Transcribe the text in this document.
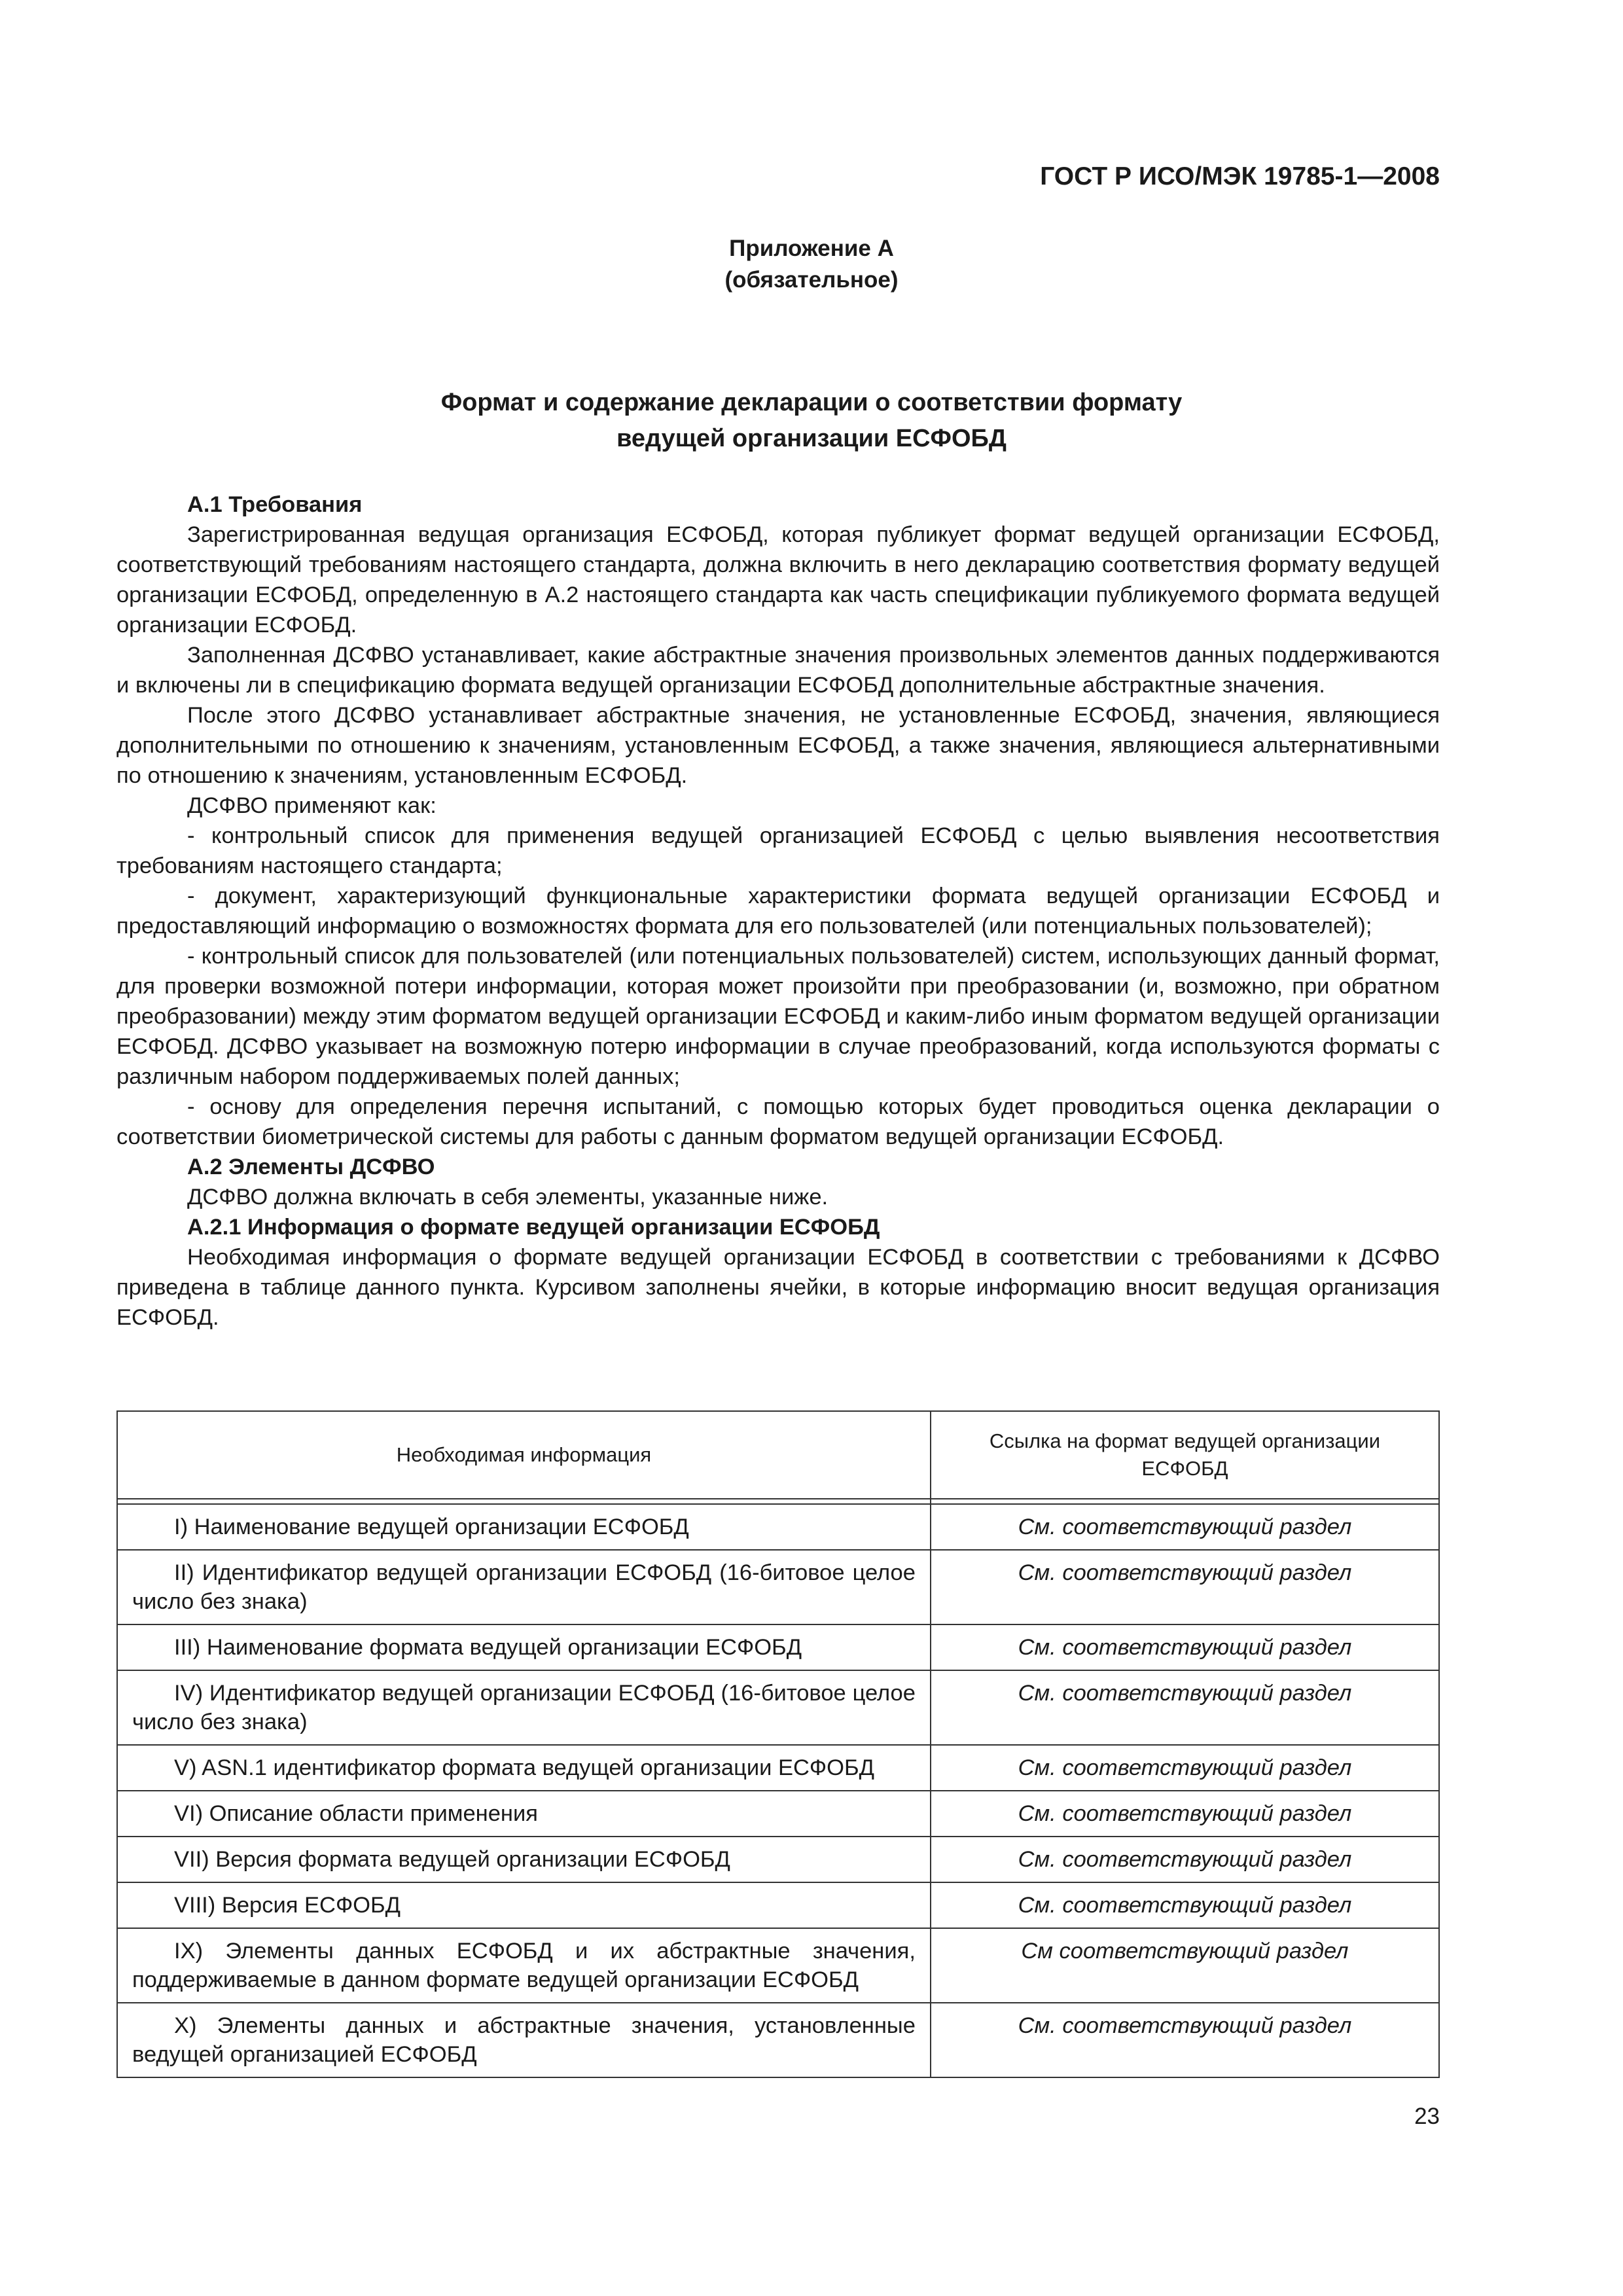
ГОСТ Р ИСО/МЭК 19785-1—2008
Приложение А
(обязательное)
Формат и содержание декларации о соответствии формату
ведущей организации ЕСФОБД

А.1 Требования

Зарегистрированная ведущая организация ЕСФОБД, которая публикует формат ведущей организации ЕСФОБД, соответствующий требованиям настоящего стандарта, должна включить в него декларацию соответствия формату ведущей организации ЕСФОБД, определенную в А.2 настоящего стандарта как часть спецификации публикуемого формата ведущей организации ЕСФОБД.

Заполненная ДСФВО устанавливает, какие абстрактные значения произвольных элементов данных поддерживаются и включены ли в спецификацию формата ведущей организации ЕСФОБД дополнительные абстрактные значения.

После этого ДСФВО устанавливает абстрактные значения, не установленные ЕСФОБД, значения, являющиеся дополнительными по отношению к значениям, установленным ЕСФОБД, а также значения, являющиеся альтернативными по отношению к значениям, установленным ЕСФОБД.

ДСФВО применяют как:

- контрольный список для применения ведущей организацией ЕСФОБД с целью выявления несоответствия требованиям настоящего стандарта;

- документ, характеризующий функциональные характеристики формата ведущей организации ЕСФОБД и предоставляющий информацию о возможностях формата для его пользователей (или потенциальных пользователей);

- контрольный список для пользователей (или потенциальных пользователей) систем, использующих данный формат, для проверки возможной потери информации, которая может произойти при преобразовании (и, возможно, при обратном преобразовании) между этим форматом ведущей организации ЕСФОБД и каким-либо иным форматом ведущей организации ЕСФОБД. ДСФВО указывает на возможную потерю информации в случае преобразований, когда используются форматы с различным набором поддерживаемых полей данных;

- основу для определения перечня испытаний, с помощью которых будет проводиться оценка декларации о соответствии биометрической системы для работы с данным форматом ведущей организации ЕСФОБД.

А.2 Элементы ДСФВО

ДСФВО должна включать в себя элементы, указанные ниже.

А.2.1 Информация о формате ведущей организации ЕСФОБД

Необходимая информация о формате ведущей организации ЕСФОБД в соответствии с требованиями к ДСФВО приведена в таблице данного пункта. Курсивом заполнены ячейки, в которые информацию вносит ведущая организация ЕСФОБД.

Необходимая информация	Ссылка на формат ведущей организации ЕСФОБД

I) Наименование ведущей организации ЕСФОБД	См. соответствующий раздел

II) Идентификатор ведущей организации ЕСФОБД (16-битовое целое число без знака)	См. соответствующий раздел

III) Наименование формата ведущей организации ЕСФОБД	См. соответствующий раздел

IV) Идентификатор ведущей организации ЕСФОБД (16-битовое целое число без знака)	См. соответствующий раздел

V) ASN.1 идентификатор формата ведущей организации ЕСФОБД	См. соответствующий раздел

VI) Описание области применения	См. соответствующий раздел

VII) Версия формата ведущей организации ЕСФОБД	См. соответствующий раздел

VIII) Версия ЕСФОБД	См. соответствующий раздел

IX) Элементы данных ЕСФОБД и их абстрактные значения, поддерживаемые в данном формате ведущей организации ЕСФОБД	См соответствующий раздел

X) Элементы данных и абстрактные значения, установленные ведущей организацией ЕСФОБД	См. соответствующий раздел
23
